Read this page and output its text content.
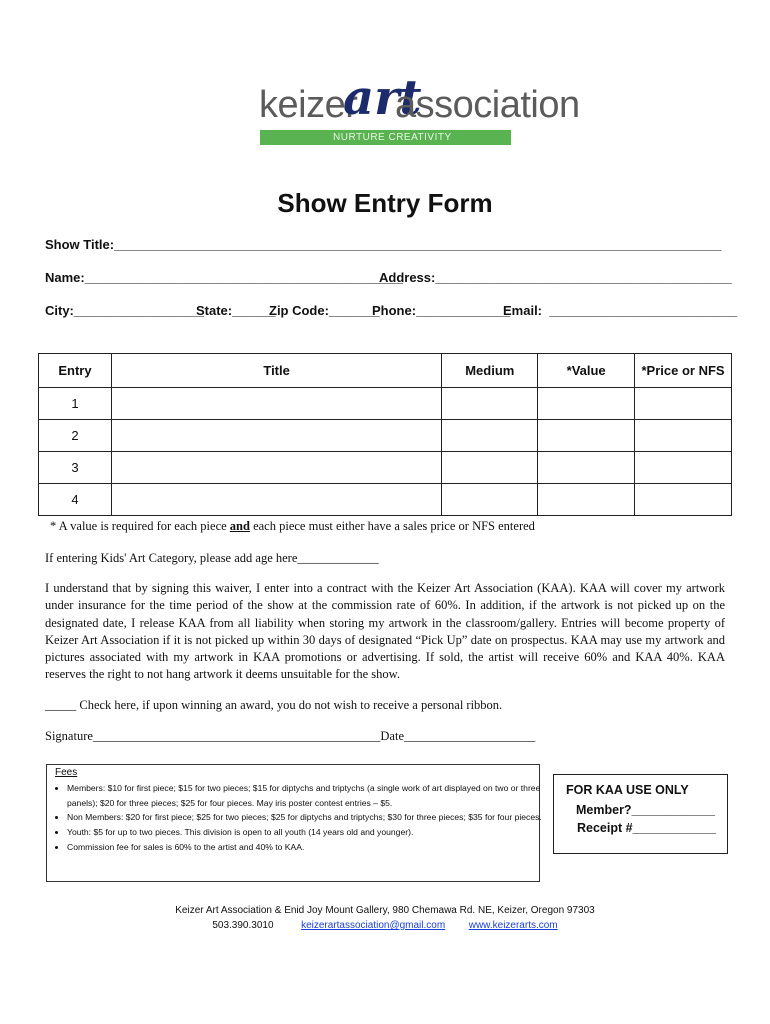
keizer
art
association
NURTURE CREATIVITY
Show Entry Form
Show Title:____________________________________________________________________________________
Name:____________________________________________
Address:_________________________________________
City:__________________
State:______
Zip Code:_______
Phone:_____________
Email:  __________________________
Entry	Title	Medium	*Value	*Price or NFS
1				
2				
3				
4				
* A value is required for each piece and each piece must either have a sales price or NFS entered
If entering Kids' Art Category, please add age here_____________
I understand that by signing this waiver, I enter into a contract with the Keizer Art Association (KAA). KAA will cover my artwork under insurance for the time period of the show at the commission rate of 60%. In addition, if the artwork is not picked up on the designated date, I release KAA from all liability when storing my artwork in the classroom/gallery. Entries will become property of Keizer Art Association if it is not picked up within 30 days of designated “Pick Up” date on prospectus. KAA may use my artwork and pictures associated with my artwork in KAA promotions or advertising. If sold, the artist will receive 60% and KAA 40%. KAA reserves the right to not hang artwork it deems unsuitable for the show.
_____ Check here, if upon winning an award, you do not wish to receive a personal ribbon.
Signature______________________________________________Date_____________________
Fees
• Members: $10 for first piece; $15 for two pieces; $15 for diptychs and triptychs (a single work of art displayed on two or three panels); $20 for three pieces; $25 for four pieces. May iris poster contest entries – $5.
• Non Members: $20 for first piece; $25 for two pieces; $25 for diptychs and triptychs; $30 for three pieces; $35 for four pieces.
• Youth: $5 for up to two pieces. This division is open to all youth (14 years old and younger).
• Commission fee for sales is 60% to the artist and 40% to KAA.
FOR KAA USE ONLY
Member?____________
Receipt #____________
Keizer Art Association & Enid Joy Mount Gallery, 980 Chemawa Rd. NE, Keizer, Oregon 97303
503.390.3010	keizerartassociation@gmail.com www.keizerarts.com
